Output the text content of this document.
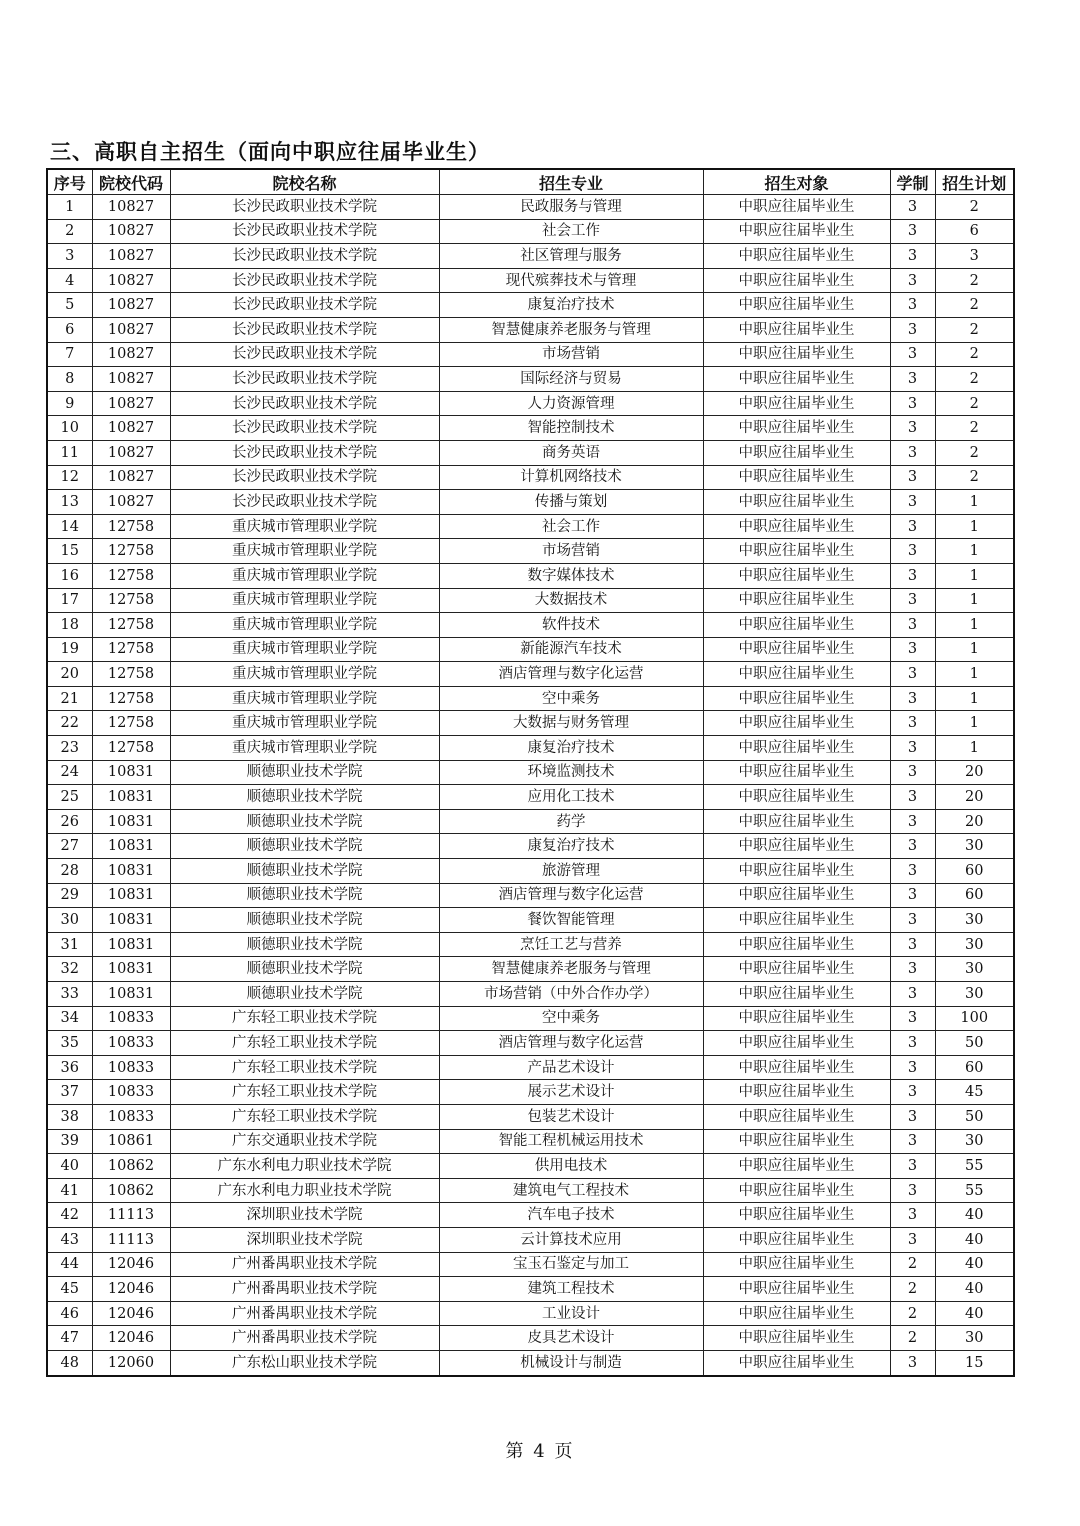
三、高职自主招生（面向中职应往届毕业生）
序号	院校代码	院校名称	招生专业	招生对象	学制	招生计划
1	10827	长沙民政职业技术学院	民政服务与管理	中职应往届毕业生	3	2
2	10827	长沙民政职业技术学院	社会工作	中职应往届毕业生	3	6
3	10827	长沙民政职业技术学院	社区管理与服务	中职应往届毕业生	3	3
4	10827	长沙民政职业技术学院	现代殡葬技术与管理	中职应往届毕业生	3	2
5	10827	长沙民政职业技术学院	康复治疗技术	中职应往届毕业生	3	2
6	10827	长沙民政职业技术学院	智慧健康养老服务与管理	中职应往届毕业生	3	2
7	10827	长沙民政职业技术学院	市场营销	中职应往届毕业生	3	2
8	10827	长沙民政职业技术学院	国际经济与贸易	中职应往届毕业生	3	2
9	10827	长沙民政职业技术学院	人力资源管理	中职应往届毕业生	3	2
10	10827	长沙民政职业技术学院	智能控制技术	中职应往届毕业生	3	2
11	10827	长沙民政职业技术学院	商务英语	中职应往届毕业生	3	2
12	10827	长沙民政职业技术学院	计算机网络技术	中职应往届毕业生	3	2
13	10827	长沙民政职业技术学院	传播与策划	中职应往届毕业生	3	1
14	12758	重庆城市管理职业学院	社会工作	中职应往届毕业生	3	1
15	12758	重庆城市管理职业学院	市场营销	中职应往届毕业生	3	1
16	12758	重庆城市管理职业学院	数字媒体技术	中职应往届毕业生	3	1
17	12758	重庆城市管理职业学院	大数据技术	中职应往届毕业生	3	1
18	12758	重庆城市管理职业学院	软件技术	中职应往届毕业生	3	1
19	12758	重庆城市管理职业学院	新能源汽车技术	中职应往届毕业生	3	1
20	12758	重庆城市管理职业学院	酒店管理与数字化运营	中职应往届毕业生	3	1
21	12758	重庆城市管理职业学院	空中乘务	中职应往届毕业生	3	1
22	12758	重庆城市管理职业学院	大数据与财务管理	中职应往届毕业生	3	1
23	12758	重庆城市管理职业学院	康复治疗技术	中职应往届毕业生	3	1
24	10831	顺德职业技术学院	环境监测技术	中职应往届毕业生	3	20
25	10831	顺德职业技术学院	应用化工技术	中职应往届毕业生	3	20
26	10831	顺德职业技术学院	药学	中职应往届毕业生	3	20
27	10831	顺德职业技术学院	康复治疗技术	中职应往届毕业生	3	30
28	10831	顺德职业技术学院	旅游管理	中职应往届毕业生	3	60
29	10831	顺德职业技术学院	酒店管理与数字化运营	中职应往届毕业生	3	60
30	10831	顺德职业技术学院	餐饮智能管理	中职应往届毕业生	3	30
31	10831	顺德职业技术学院	烹饪工艺与营养	中职应往届毕业生	3	30
32	10831	顺德职业技术学院	智慧健康养老服务与管理	中职应往届毕业生	3	30
33	10831	顺德职业技术学院	市场营销（中外合作办学）	中职应往届毕业生	3	30
34	10833	广东轻工职业技术学院	空中乘务	中职应往届毕业生	3	100
35	10833	广东轻工职业技术学院	酒店管理与数字化运营	中职应往届毕业生	3	50
36	10833	广东轻工职业技术学院	产品艺术设计	中职应往届毕业生	3	60
37	10833	广东轻工职业技术学院	展示艺术设计	中职应往届毕业生	3	45
38	10833	广东轻工职业技术学院	包装艺术设计	中职应往届毕业生	3	50
39	10861	广东交通职业技术学院	智能工程机械运用技术	中职应往届毕业生	3	30
40	10862	广东水利电力职业技术学院	供用电技术	中职应往届毕业生	3	55
41	10862	广东水利电力职业技术学院	建筑电气工程技术	中职应往届毕业生	3	55
42	11113	深圳职业技术学院	汽车电子技术	中职应往届毕业生	3	40
43	11113	深圳职业技术学院	云计算技术应用	中职应往届毕业生	3	40
44	12046	广州番禺职业技术学院	宝玉石鉴定与加工	中职应往届毕业生	2	40
45	12046	广州番禺职业技术学院	建筑工程技术	中职应往届毕业生	2	40
46	12046	广州番禺职业技术学院	工业设计	中职应往届毕业生	2	40
47	12046	广州番禺职业技术学院	皮具艺术设计	中职应往届毕业生	2	30
48	12060	广东松山职业技术学院	机械设计与制造	中职应往届毕业生	3	15
第 4 页
